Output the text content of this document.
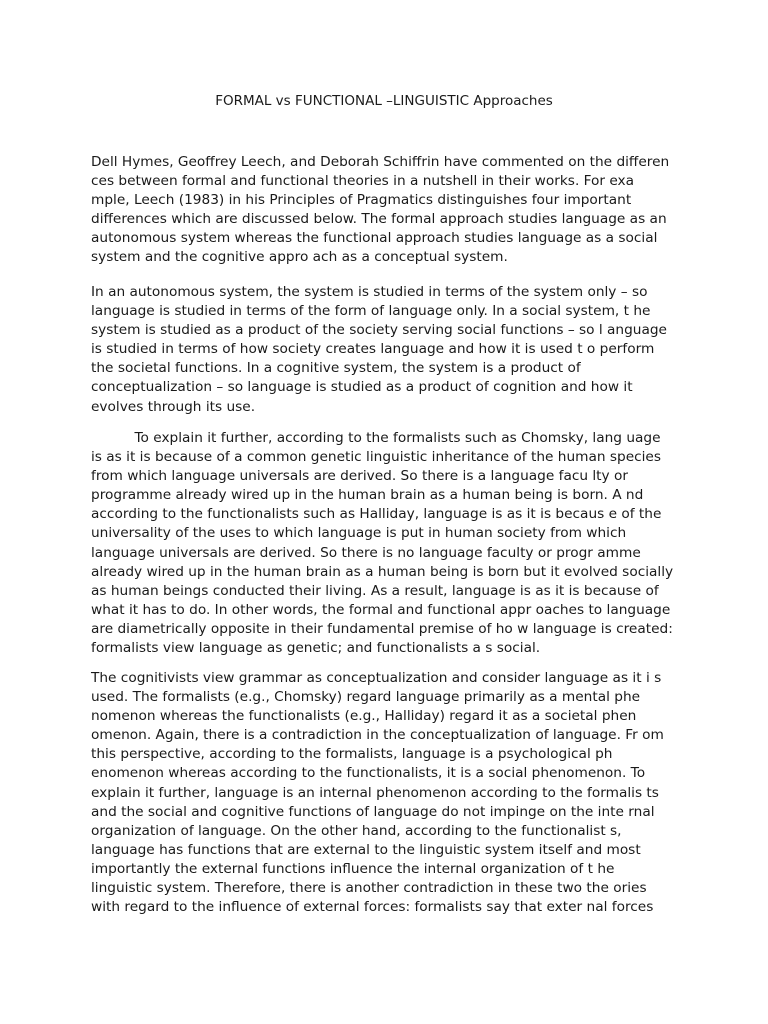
FORMAL vs FUNCTIONAL –LINGUISTIC Approaches
Dell Hymes, Geoffrey Leech, and Deborah Schiffrin have commented on the differen
ces between formal and functional theories in a nutshell in their works. For exa
mple, Leech (1983) in his Principles of Pragmatics distinguishes four important
differences which are discussed below. The formal approach studies language as an
autonomous system whereas the functional approach studies language as a social
system and the cognitive appro ach as a conceptual system.
In an autonomous system, the system is studied in terms of the system only – so
language is studied in terms of the form of language only. In a social system, t he
system is studied as a product of the society serving social functions – so l anguage
is studied in terms of how society creates language and how it is used t o perform
the societal functions. In a cognitive system, the system is a product of
conceptualization – so language is studied as a product of cognition and how it
evolves through its use.
To explain it further, according to the formalists such as Chomsky, lang uage
is as it is because of a common genetic linguistic inheritance of the human species
from which language universals are derived. So there is a language facu lty or
programme already wired up in the human brain as a human being is born. A nd
according to the functionalists such as Halliday, language is as it is becaus e of the
universality of the uses to which language is put in human society from which
language universals are derived. So there is no language faculty or progr amme
already wired up in the human brain as a human being is born but it evolved socially
as human beings conducted their living. As a result, language is as it is because of
what it has to do. In other words, the formal and functional appr oaches to language
are diametrically opposite in their fundamental premise of ho w language is created:
formalists view language as genetic; and functionalists a s social.
The cognitivists view grammar as conceptualization and consider language as it i s
used. The formalists (e.g., Chomsky) regard language primarily as a mental phe
nomenon whereas the functionalists (e.g., Halliday) regard it as a societal phen
omenon. Again, there is a contradiction in the conceptualization of language. Fr om
this perspective, according to the formalists, language is a psychological ph
enomenon whereas according to the functionalists, it is a social phenomenon. To
explain it further, language is an internal phenomenon according to the formalis ts
and the social and cognitive functions of language do not impinge on the inte rnal
organization of language. On the other hand, according to the functionalist s,
language has functions that are external to the linguistic system itself and most
importantly the external functions influence the internal organization of t he
linguistic system. Therefore, there is another contradiction in these two the ories
with regard to the influence of external forces: formalists say that exter nal forces
